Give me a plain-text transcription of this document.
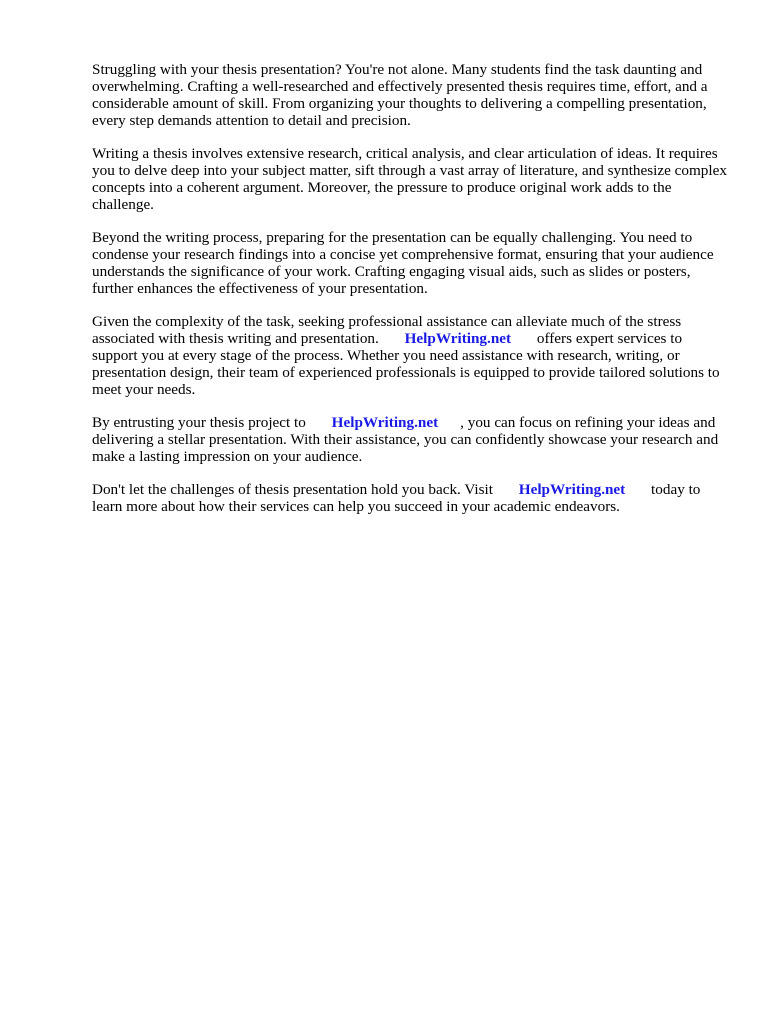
Struggling with your thesis presentation? You're not alone. Many students find the task daunting and overwhelming. Crafting a well-researched and effectively presented thesis requires time, effort, and a considerable amount of skill. From organizing your thoughts to delivering a compelling presentation, every step demands attention to detail and precision.

Writing a thesis involves extensive research, critical analysis, and clear articulation of ideas. It requires you to delve deep into your subject matter, sift through a vast array of literature, and synthesize complex concepts into a coherent argument. Moreover, the pressure to produce original work adds to the challenge.

Beyond the writing process, preparing for the presentation can be equally challenging. You need to condense your research findings into a concise yet comprehensive format, ensuring that your audience understands the significance of your work. Crafting engaging visual aids, such as slides or posters, further enhances the effectiveness of your presentation.

Given the complexity of the task, seeking professional assistance can alleviate much of the stress associated with thesis writing and presentation. HelpWriting.net offers expert services to support you at every stage of the process. Whether you need assistance with research, writing, or presentation design, their team of experienced professionals is equipped to provide tailored solutions to meet your needs.

By entrusting your thesis project to HelpWriting.net , you can focus on refining your ideas and delivering a stellar presentation. With their assistance, you can confidently showcase your research and make a lasting impression on your audience.

Don't let the challenges of thesis presentation hold you back. Visit HelpWriting.net today to learn more about how their services can help you succeed in your academic endeavors.
